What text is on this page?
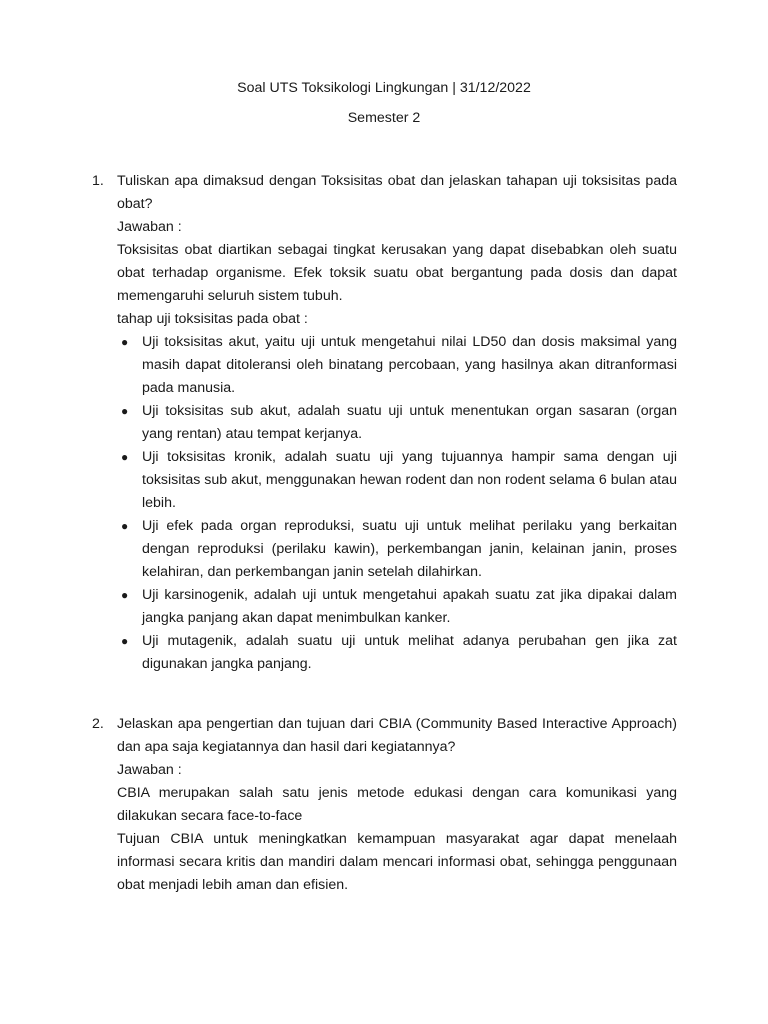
Soal UTS Toksikologi Lingkungan | 31/12/2022

Semester 2

1. Tuliskan apa dimaksud dengan Toksisitas obat dan jelaskan tahapan uji toksisitas pada obat?

Jawaban :

Toksisitas obat diartikan sebagai tingkat kerusakan yang dapat disebabkan oleh suatu obat terhadap organisme. Efek toksik suatu obat bergantung pada dosis dan dapat memengaruhi seluruh sistem tubuh.

tahap uji toksisitas pada obat :

● Uji toksisitas akut, yaitu uji untuk mengetahui nilai LD50 dan dosis maksimal yang masih dapat ditoleransi oleh binatang percobaan, yang hasilnya akan ditranformasi pada manusia.
● Uji toksisitas sub akut, adalah suatu uji untuk menentukan organ sasaran (organ yang rentan) atau tempat kerjanya.
● Uji toksisitas kronik, adalah suatu uji yang tujuannya hampir sama dengan uji toksisitas sub akut, menggunakan hewan rodent dan non rodent selama 6 bulan atau lebih.
● Uji efek pada organ reproduksi, suatu uji untuk melihat perilaku yang berkaitan dengan reproduksi (perilaku kawin), perkembangan janin, kelainan janin, proses kelahiran, dan perkembangan janin setelah dilahirkan.
● Uji karsinogenik, adalah uji untuk mengetahui apakah suatu zat jika dipakai dalam jangka panjang akan dapat menimbulkan kanker.
● Uji mutagenik, adalah suatu uji untuk melihat adanya perubahan gen jika zat digunakan jangka panjang.
2. Jelaskan apa pengertian dan tujuan dari CBIA (Community Based Interactive Approach) dan apa saja kegiatannya dan hasil dari kegiatannya?

Jawaban :

CBIA merupakan salah satu jenis metode edukasi dengan cara komunikasi yang dilakukan secara face-to-face

Tujuan CBIA untuk meningkatkan kemampuan masyarakat agar dapat menelaah informasi secara kritis dan mandiri dalam mencari informasi obat, sehingga penggunaan obat menjadi lebih aman dan efisien.
